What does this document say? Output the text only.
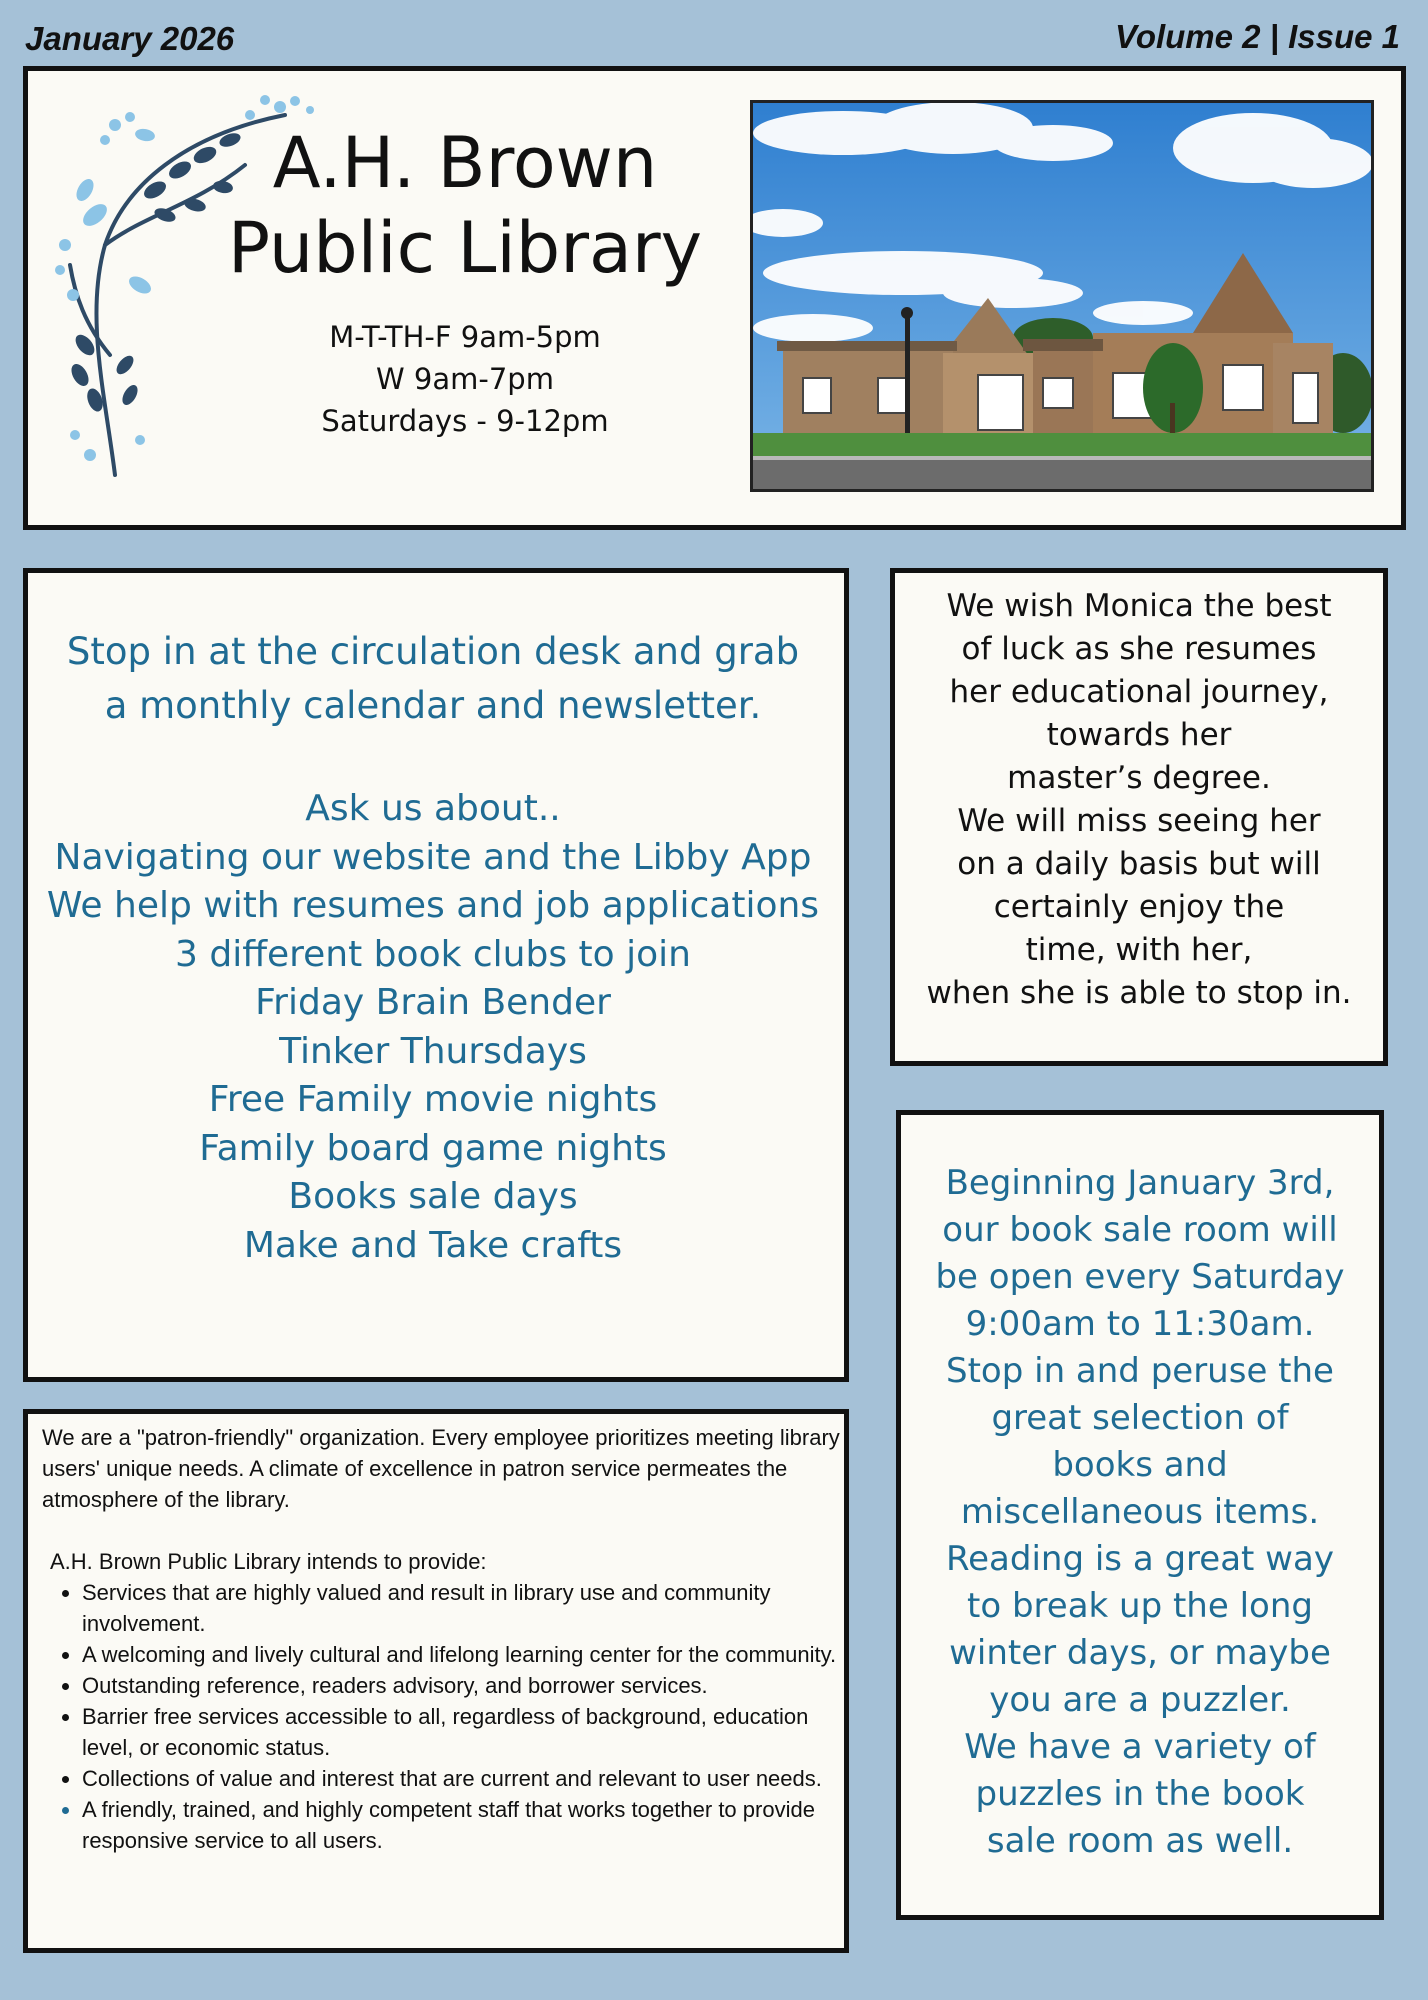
January 2026	Volume 2 | Issue 1
A.H. Brown
Public Library
M-T-TH-F 9am-5pm
W 9am-7pm
Saturdays - 9-12pm
Stop in at the circulation desk and grab
a monthly calendar and newsletter.
Ask us about..
Navigating our website and the Libby App
We help with resumes and job applications
3 different book clubs to join
Friday Brain Bender
Tinker Thursdays
Free Family movie nights
Family board game nights
Books sale days
Make and Take crafts
We wish Monica the best
of luck as she resumes
her educational journey,
towards her
master’s degree.
We will miss seeing her
on a daily basis but will
certainly enjoy the
time, with her,
when she is able to stop in.
Beginning January 3rd,
our book sale room will
be open every Saturday
9:00am to 11:30am.
Stop in and peruse the
great selection of
books and
miscellaneous items.
Reading is a great way
to break up the long
winter days, or maybe
you are a puzzler.
We have a variety of
puzzles in the book
sale room as well.

We are a "patron-friendly" organization. Every employee prioritizes meeting library users' unique needs. A climate of excellence in patron service permeates the atmosphere of the library.

A.H. Brown Public Library intends to provide:

• Services that are highly valued and result in library use and community involvement.
• A welcoming and lively cultural and lifelong learning center for the community.
• Outstanding reference, readers advisory, and borrower services.
• Barrier free services accessible to all, regardless of background, education level, or economic status.
• Collections of value and interest that are current and relevant to user needs.
• A friendly, trained, and highly competent staff that works together to provide responsive service to all users.
